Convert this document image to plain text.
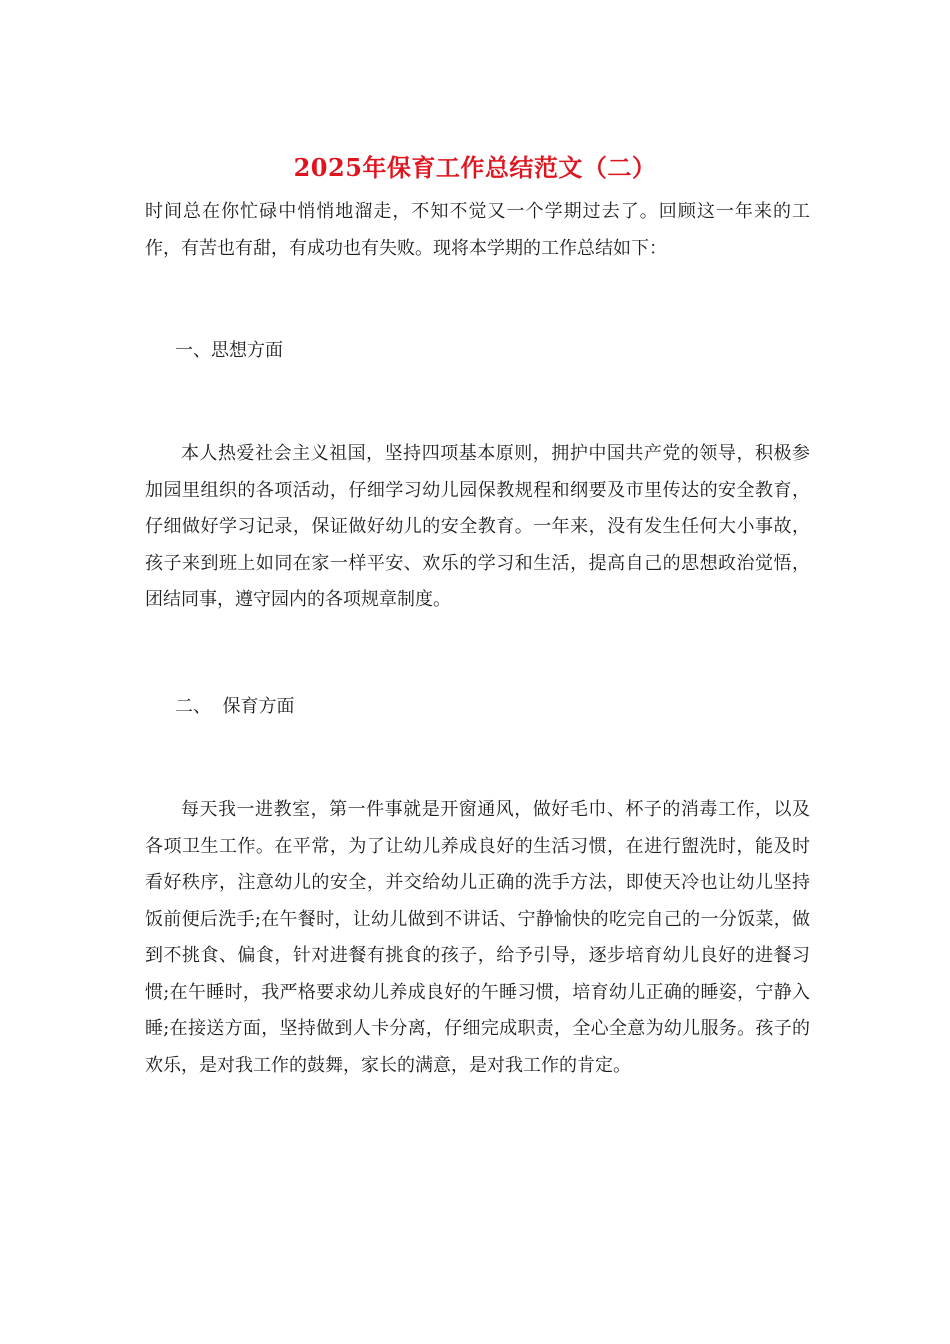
2025年保育工作总结范文（二）

时间总在你忙碌中悄悄地溜走，不知不觉又一个学期过去了。回顾这一年来的工作，有苦也有甜，有成功也有失败。现将本学期的工作总结如下：

一、思想方面

本人热爱社会主义祖国，坚持四项基本原则，拥护中国共产党的领导，积极参加园里组织的各项活动，仔细学习幼儿园保教规程和纲要及市里传达的安全教育，仔细做好学习记录，保证做好幼儿的安全教育。一年来，没有发生任何大小事故，孩子来到班上如同在家一样平安、欢乐的学习和生活，提高自己的思想政治觉悟，团结同事，遵守园内的各项规章制度。

二、  保育方面

每天我一进教室，第一件事就是开窗通风，做好毛巾、杯子的消毒工作，以及各项卫生工作。在平常，为了让幼儿养成良好的生活习惯，在进行盥洗时，能及时看好秩序，注意幼儿的安全，并交给幼儿正确的洗手方法，即使天冷也让幼儿坚持饭前便后洗手;在午餐时，让幼儿做到不讲话、宁静愉快的吃完自己的一分饭菜，做到不挑食、偏食，针对进餐有挑食的孩子，给予引导，逐步培育幼儿良好的进餐习惯;在午睡时，我严格要求幼儿养成良好的午睡习惯，培育幼儿正确的睡姿，宁静入睡;在接送方面，坚持做到人卡分离，仔细完成职责，全心全意为幼儿服务。孩子的欢乐，是对我工作的鼓舞，家长的满意，是对我工作的肯定。
